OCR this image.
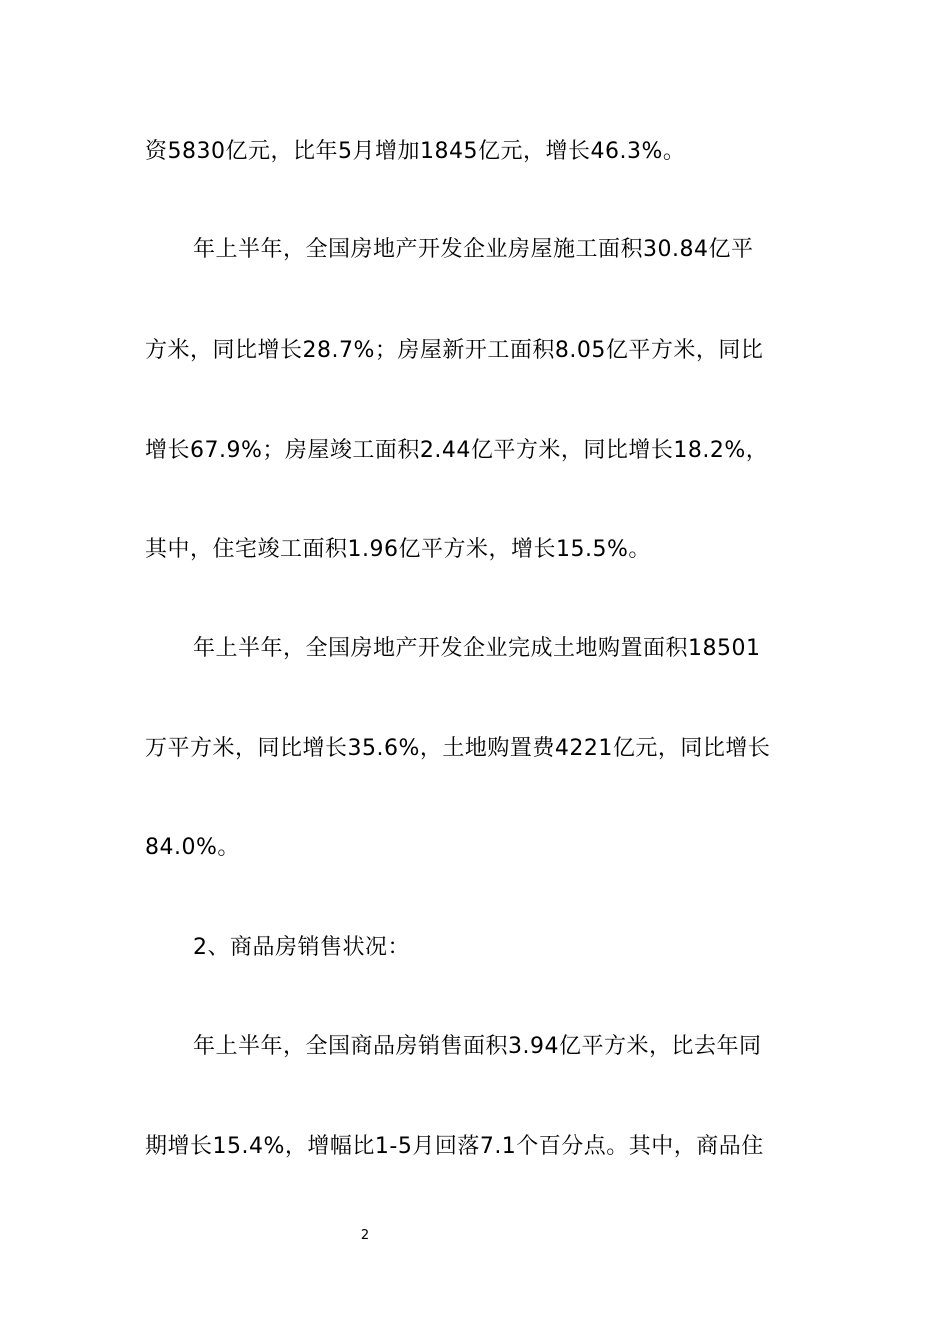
资5830亿元，比年5月增加1845亿元，增长46.3%。
年上半年，全国房地产开发企业房屋施工面积30.84亿平
方米，同比增长28.7%；房屋新开工面积8.05亿平方米，同比
增长67.9%；房屋竣工面积2.44亿平方米，同比增长18.2%，
其中，住宅竣工面积1.96亿平方米，增长15.5%。
年上半年，全国房地产开发企业完成土地购置面积18501
万平方米，同比增长35.6%，土地购置费4221亿元，同比增长
84.0%。
2、商品房销售状况：
年上半年，全国商品房销售面积3.94亿平方米，比去年同
期增长15.4%，增幅比1-5月回落7.1个百分点。其中，商品住
2
